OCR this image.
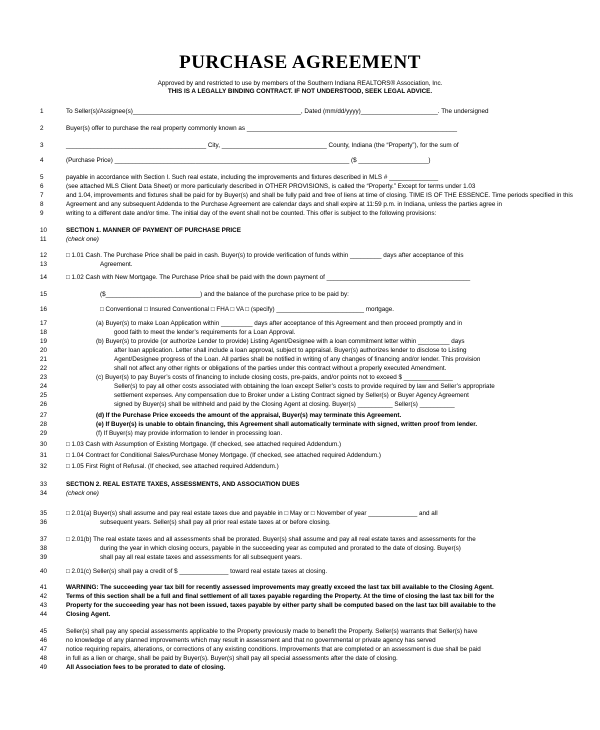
PURCHASE AGREEMENT
Approved by and restricted to use by members of the Southern Indiana REALTORS® Association, Inc.
THIS IS A LEGALLY BINDING CONTRACT. IF NOT UNDERSTOOD, SEEK LEGAL ADVICE.
1	To Seller(s)/Assignee(s)________________________________________________, Dated (mm/dd/yyyy)______________________. The undersigned
2	Buyer(s) offer to purchase the real property commonly known as ____________________________________________________________
3	________________________________________ City, ______________________________ County, Indiana (the “Property”), for the sum of
4	(Purchase Price) ___________________________________________________________________ ($ ____________________)
5	payable in accordance with Section I. Such real estate, including the improvements and fixtures described in MLS # ______________
6	(see attached MLS Client Data Sheet) or more particularly described in OTHER PROVISIONS, is called the “Property.” Except for terms under 1.03
7	and 1.04, improvements and fixtures shall be paid for by Buyer(s) and shall be fully paid and free of liens at time of closing. TIME IS OF THE ESSENCE. Time periods specified in this
8	Agreement and any subsequent Addenda to the Purchase Agreement are calendar days and shall expire at 11:59 p.m. in Indiana, unless the parties agree in
9	writing to a different date and/or time. The initial day of the event shall not be counted. This offer is subject to the following provisions:
10	SECTION 1. MANNER OF PAYMENT OF PURCHASE PRICE
11	(check one)
12	□ 1.01 Cash. The Purchase Price shall be paid in cash. Buyer(s) to provide verification of funds within _________ days after acceptance of this
13	Agreement.
14	□ 1.02 Cash with New Mortgage. The Purchase Price shall be paid with the down payment of _________________________________________
15	($___________________________) and the balance of the purchase price to be paid by:
16	□ Conventional □ Insured Conventional □ FHA □ VA □ (specify) _________________________ mortgage.
17	(a) Buyer(s) to make Loan Application within _________ days after acceptance of this Agreement and then proceed promptly and in
18	good faith to meet the lender’s requirements for a Loan Approval.
19	(b) Buyer(s) to provide (or authorize Lender to provide) Listing Agent/Designee with a loan commitment letter within _________ days
20	after loan application. Letter shall include a loan approval, subject to appraisal. Buyer(s) authorizes lender to disclose to Listing
21	Agent/Designee progress of the Loan. All parties shall be notified in writing of any changes of financing and/or lender. This provision
22	shall not affect any other rights or obligations of the parties under this contract without a properly executed Amendment.
23	(c) Buyer(s) to pay Buyer’s costs of financing to include closing costs, pre-paids, and/or points not to exceed $ ______________
24	Seller(s) to pay all other costs associated with obtaining the loan except Seller’s costs to provide required by law and Seller’s appropriate
25	settlement expenses. Any compensation due to Broker under a Listing Contract signed by Seller(s) or Buyer Agency Agreement
26	signed by Buyer(s) shall be withheld and paid by the Closing Agent at closing. Buyer(s) __________ Seller(s) __________
27	(d) If the Purchase Price exceeds the amount of the appraisal, Buyer(s) may terminate this Agreement.
28	(e) If Buyer(s) is unable to obtain financing, this Agreement shall automatically terminate with signed, written proof from lender.
29	(f) If Buyer(s) may provide information to lender in processing loan.
30	□ 1.03 Cash with Assumption of Existing Mortgage. (If checked, see attached required Addendum.)
31	□ 1.04 Contract for Conditional Sales/Purchase Money Mortgage. (If checked, see attached required Addendum.)
32	□ 1.05 First Right of Refusal. (If checked, see attached required Addendum.)
33	SECTION 2. REAL ESTATE TAXES, ASSESSMENTS, AND ASSOCIATION DUES
34	(check one)
35	□ 2.01(a) Buyer(s) shall assume and pay real estate taxes due and payable in □ May or □ November of year ______________ and all
36	subsequent years. Seller(s) shall pay all prior real estate taxes at or before closing.
37	□ 2.01(b) The real estate taxes and all assessments shall be prorated. Buyer(s) shall assume and pay all real estate taxes and assessments for the
38	during the year in which closing occurs, payable in the succeeding year as computed and prorated to the date of closing. Buyer(s)
39	shall pay all real estate taxes and assessments for all subsequent years.
40	□ 2.01(c) Seller(s) shall pay a credit of $ ______________ toward real estate taxes at closing.
41	WARNING: The succeeding year tax bill for recently assessed improvements may greatly exceed the last tax bill available to the Closing Agent.
42	Terms of this section shall be a full and final settlement of all taxes payable regarding the Property. At the time of closing the last tax bill for the
43	Property for the succeeding year has not been issued, taxes payable by either party shall be computed based on the last tax bill available to the
44	Closing Agent.
45	Seller(s) shall pay any special assessments applicable to the Property previously made to benefit the Property. Seller(s) warrants that Seller(s) have
46	no knowledge of any planned improvements which may result in assessment and that no governmental or private agency has served
47	notice requiring repairs, alterations, or corrections of any existing conditions. Improvements that are completed or an assessment is due shall be paid
48	in full as a lien or charge, shall be paid by Buyer(s). Buyer(s) shall pay all special assessments after the date of closing.
49	All Association fees to be prorated to date of closing.
